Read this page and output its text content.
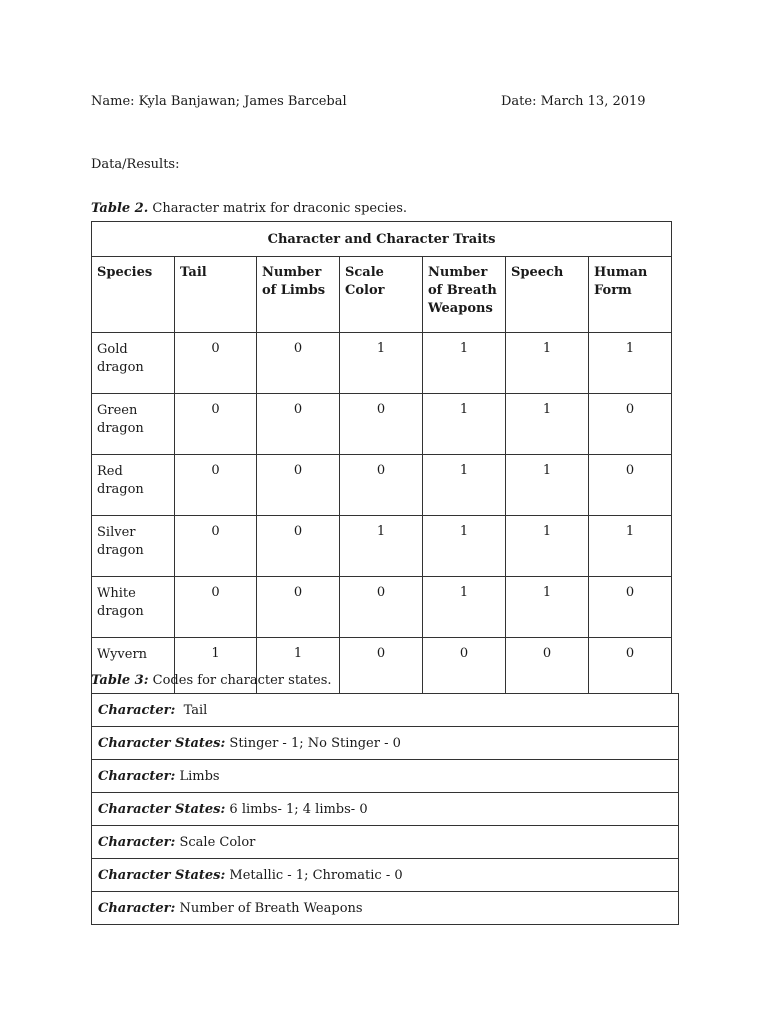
Name: Kyla Banjawan; James Barcebal	Date: March 13, 2019
Data/Results:
Table 2. Character matrix for draconic species.
Character and Character Traits						
Species	Tail	Number of Limbs	Scale Color	Number of Breath Weapons	Speech	Human Form
Gold dragon	0	0	1	1	1	1
Green dragon	0	0	0	1	1	0
Red dragon	0	0	0	1	1	0
Silver dragon	0	0	1	1	1	1
White dragon	0	0	0	1	1	0
Wyvern	1	1	0	0	0	0
Table 3: Codes for character states.
Character:  Tail
Character States: Stinger - 1; No Stinger - 0
Character: Limbs
Character States: 6 limbs- 1; 4 limbs- 0
Character: Scale Color
Character States: Metallic - 1; Chromatic - 0
Character: Number of Breath Weapons
